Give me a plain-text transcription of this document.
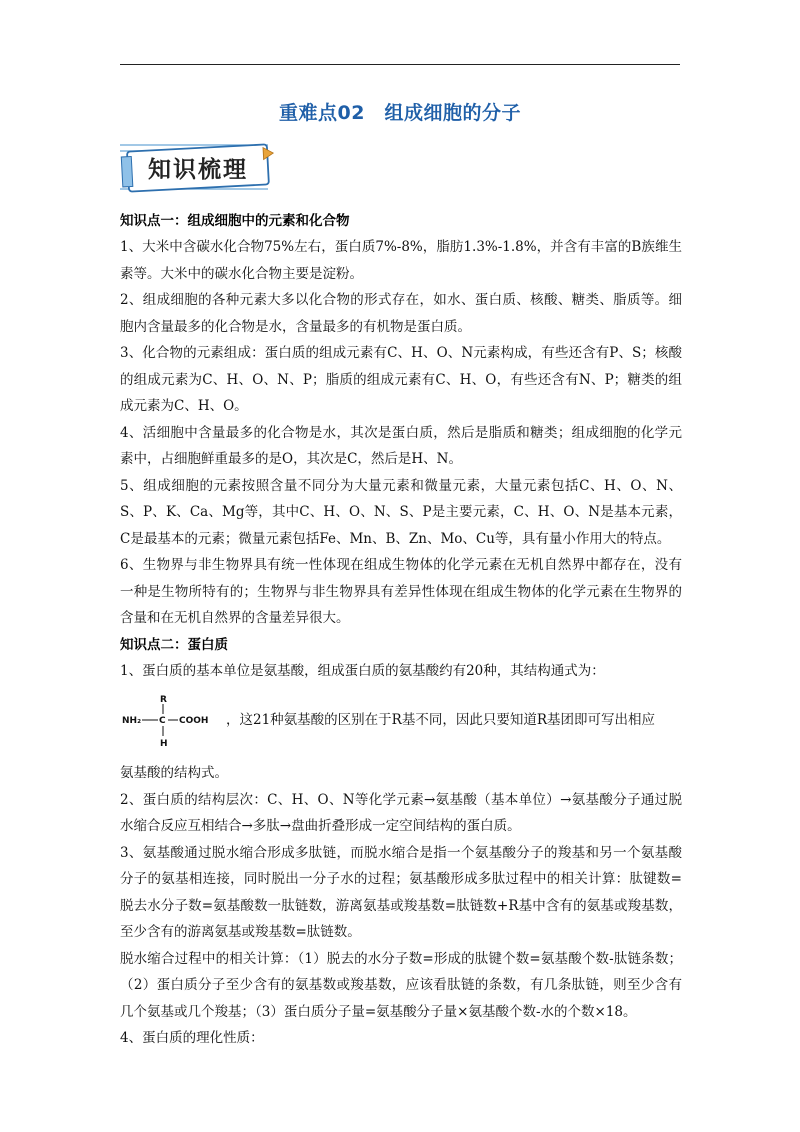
重难点02　组成细胞的分子
知识梳理
知识点一：组成细胞中的元素和化合物

1、大米中含碳水化合物75%左右，蛋白质7%-8%，脂肪1.3%-1.8%，并含有丰富的B族维生素等。大米中的碳水化合物主要是淀粉。

2、组成细胞的各种元素大多以化合物的形式存在，如水、蛋白质、核酸、糖类、脂质等。细胞内含量最多的化合物是水，含量最多的有机物是蛋白质。

3、化合物的元素组成：蛋白质的组成元素有C、H、O、N元素构成，有些还含有P、S；核酸的组成元素为C、H、O、N、P；脂质的组成元素有C、H、O，有些还含有N、P；糖类的组成元素为C、H、O。

4、活细胞中含量最多的化合物是水，其次是蛋白质，然后是脂质和糖类；组成细胞的化学元素中，占细胞鲜重最多的是O，其次是C，然后是H、N。

5、组成细胞的元素按照含量不同分为大量元素和微量元素，大量元素包括C、H、O、N、S、P、K、Ca、Mg等，其中C、H、O、N、S、P是主要元素，C、H、O、N是基本元素，C是最基本的元素；微量元素包括Fe、Mn、B、Zn、Mo、Cu等，具有量小作用大的特点。

6、生物界与非生物界具有统一性体现在组成生物体的化学元素在无机自然界中都存在，没有一种是生物所特有的；生物界与非生物界具有差异性体现在组成生物体的化学元素在生物界的含量和在无机自然界的含量差异很大。

知识点二：蛋白质

1、蛋白质的基本单位是氨基酸，组成蛋白质的氨基酸约有20种，其结构通式为：

R
NH₂ C COOH
H
，这21种氨基酸的区别在于R基不同，因此只要知道R基团即可写出相应

氨基酸的结构式。

2、蛋白质的结构层次：C、H、O、N等化学元素→氨基酸（基本单位）→氨基酸分子通过脱水缩合反应互相结合→多肽→盘曲折叠形成一定空间结构的蛋白质。

3、氨基酸通过脱水缩合形成多肽链，而脱水缩合是指一个氨基酸分子的羧基和另一个氨基酸分子的氨基相连接，同时脱出一分子水的过程；氨基酸形成多肽过程中的相关计算：肽键数=脱去水分子数=氨基酸数一肽链数，游离氨基或羧基数=肽链数+R基中含有的氨基或羧基数，至少含有的游离氨基或羧基数=肽链数。

脱水缩合过程中的相关计算：（1）脱去的水分子数=形成的肽键个数=氨基酸个数-肽链条数；（2）蛋白质分子至少含有的氨基数或羧基数，应该看肽链的条数，有几条肽链，则至少含有几个氨基或几个羧基；（3）蛋白质分子量=氨基酸分子量×氨基酸个数-水的个数×18。

4、蛋白质的理化性质：
